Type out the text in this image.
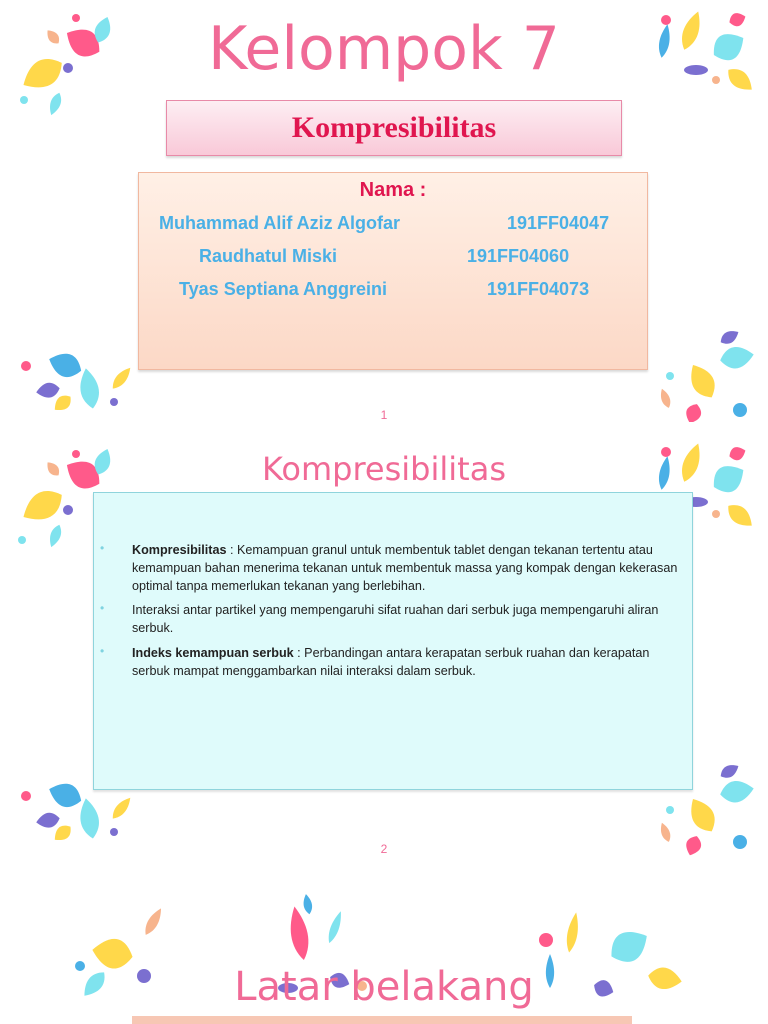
Kelompok 7
Kompresibilitas
Nama :
Muhammad Alif Aziz Algofar	191FF04047
Raudhatul Miski	191FF04060
Tyas Septiana Anggreini	191FF04073
1
Kompresibilitas
• Kompresibilitas : Kemampuan granul untuk membentuk tablet dengan tekanan tertentu atau kemampuan bahan menerima tekanan untuk membentuk massa yang kompak dengan kekerasan optimal tanpa memerlukan tekanan yang berlebihan.
• Interaksi antar partikel yang mempengaruhi sifat ruahan dari serbuk juga mempengaruhi aliran serbuk.
• Indeks kemampuan serbuk : Perbandingan antara kerapatan serbuk ruahan dan kerapatan serbuk mampat menggambarkan nilai interaksi dalam serbuk.
2
Latar belakang
